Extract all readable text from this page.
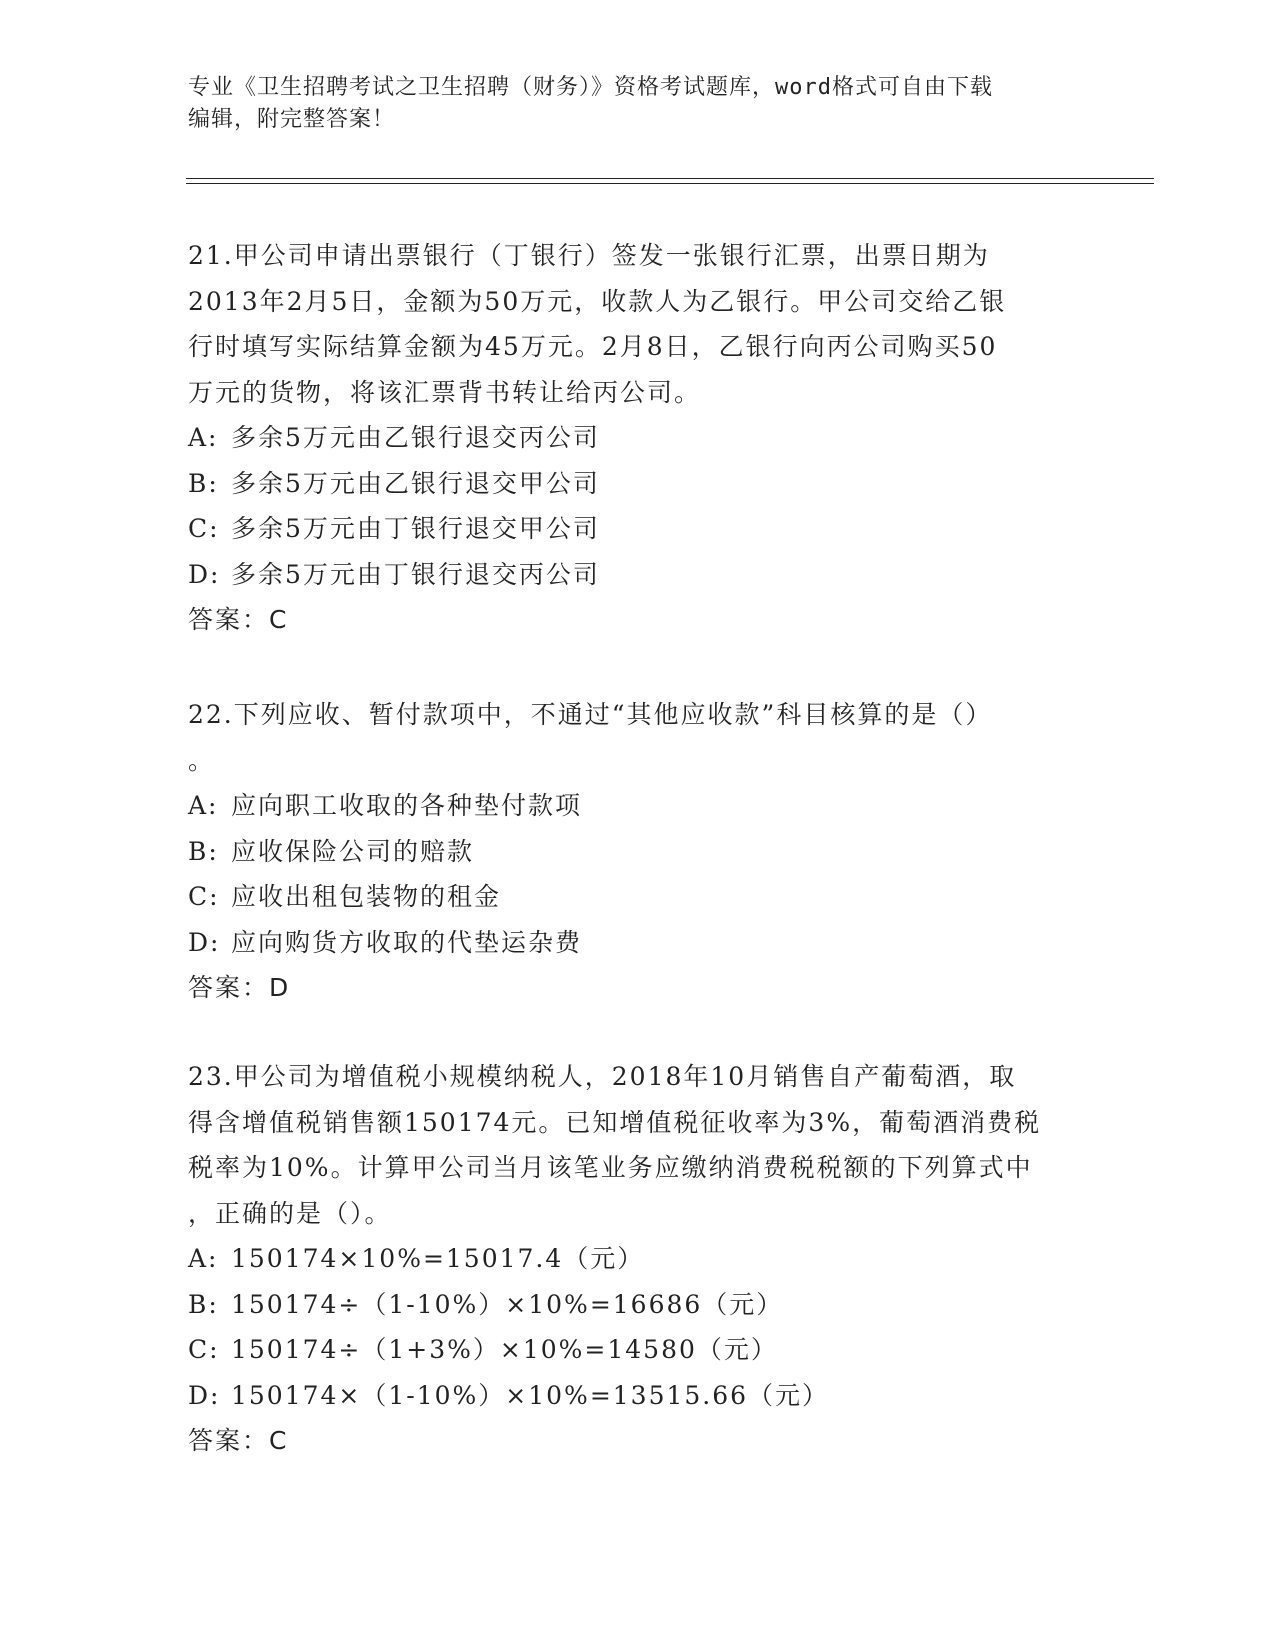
专业《卫生招聘考试之卫生招聘（财务）》资格考试题库，word格式可自由下载
编辑，附完整答案！
21.甲公司申请出票银行（丁银行）签发一张银行汇票，出票日期为
2013年2月5日，金额为50万元，收款人为乙银行。甲公司交给乙银
行时填写实际结算金额为45万元。2月8日，乙银行向丙公司购买50
万元的货物，将该汇票背书转让给丙公司。
A: 多余5万元由乙银行退交丙公司
B: 多余5万元由乙银行退交甲公司
C: 多余5万元由丁银行退交甲公司
D: 多余5万元由丁银行退交丙公司
答案：C
22.下列应收、暂付款项中，不通过“其他应收款”科目核算的是（）
。
A: 应向职工收取的各种垫付款项
B: 应收保险公司的赔款
C: 应收出租包装物的租金
D: 应向购货方收取的代垫运杂费
答案：D
23.甲公司为增值税小规模纳税人，2018年10月销售自产葡萄酒，取
得含增值税销售额150174元。已知增值税征收率为3%，葡萄酒消费税
税率为10%。计算甲公司当月该笔业务应缴纳消费税税额的下列算式中
，正确的是（）。
A: 150174×10%=15017.4（元）
B: 150174÷（1-10%）×10%=16686（元）
C: 150174÷（1+3%）×10%=14580（元）
D: 150174×（1-10%）×10%=13515.66（元）
答案：C
